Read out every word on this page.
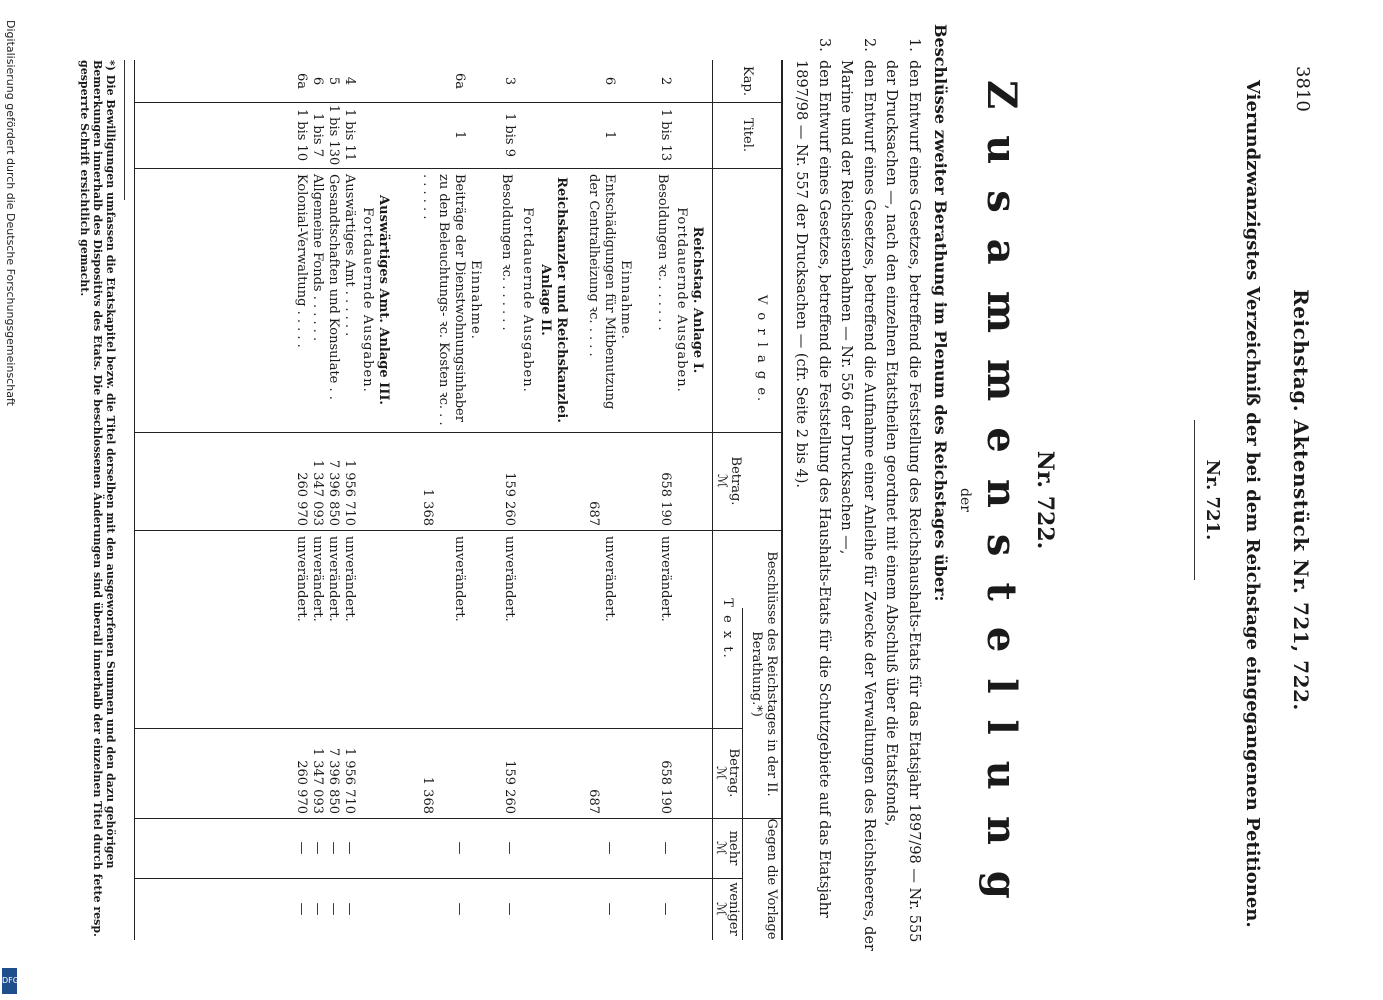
3810
Reichstag. Aktenstück Nr. 721, 722.
Vierundzwanzigstes Verzeichniß der bei dem Reichstage eingegangenen Petitionen.
Nr. 721.
Nr. 722.
Zusammenstellung
der
Beschlüsse zweiter Berathung im Plenum des Reichstages über:
1.
den Entwurf eines Gesetzes, betreffend die Feststellung des Reichshaushalts-Etats für das Etatsjahr 1897/98 — Nr. 555 der Drucksachen —, nach den einzelnen Etatstheilen geordnet mit einem Abschluß über die Etatsfonds,
2.
den Entwurf eines Gesetzes, betreffend die Aufnahme einer Anleihe für Zwecke der Verwaltungen des Reichsheeres, der Marine und der Reichseisenbahnen — Nr. 556 der Drucksachen —,
3.
den Entwurf eines Gesetzes, betreffend die Feststellung des Haushalts-Etats für die Schutzgebiete auf das Etatsjahr 1897/98 — Nr. 557 der Drucksachen — (cfr. Seite 2 bis 4).
Kap.
Titel.
V o r l a g e.
Betrag.
ℳ
Beschlüsse des Reichstages in der II. Berathung.*)
T e x t.
Betrag.
ℳ
Gegen die Vorlage
mehr
ℳ
weniger
ℳ
Reichstag. Anlage I.
Fortdauernde Ausgaben.
2
1 bis 13
Besoldungen ꝛc. . . . . . .
658 190
unverändert.
658 190
—
—
Einnahme.
6
1
Entschädigungen für Mitbenutzung der Centralheizung ꝛc. . . . .
687
unverändert.
687
—
—
Reichskanzler und Reichskanzlei. Anlage II.
Fortdauernde Ausgaben.
3
1 bis 9
Besoldungen ꝛc. . . . . . .
159 260
unverändert.
159 260
—
—
Einnahme.
6a
1
Beiträge der Dienstwohnungsinhaber zu den Beleuchtungs- ꝛc. Kosten ꝛc. . . . . . . . .
1 368
unverändert.
1 368
—
—
Auswärtiges Amt. Anlage III.
Fortdauernde Ausgaben.
4
1 bis 11
Auswärtiges Amt . . . . . .
1 956 710
unverändert.
1 956 710
—
—
5
1 bis 130
Gesandtschaften und Konsulate . .
7 396 850
unverändert.
7 396 850
—
—
6
1 bis 7
Allgemeine Fonds . . . . . .
1 347 093
unverändert.
1 347 093
—
—
6a
1 bis 10
Kolonial-Verwaltung . . . . .
260 970
unverändert.
260 970
—
—
*) Die Bewilligungen umfassen die Etatskapitel bezw. die Titel derselben mit den ausgeworfenen Summen und den dazu gehörigen Bemerkungen innerhalb des Dispositivs des Etats. Die beschlossenen Änderungen sind überall innerhalb der einzelnen Titel durch fette resp. gesperrte Schrift ersichtlich gemacht.
Digitalisierung gefördert durch die Deutsche Forschungsgemeinschaft
DFG
